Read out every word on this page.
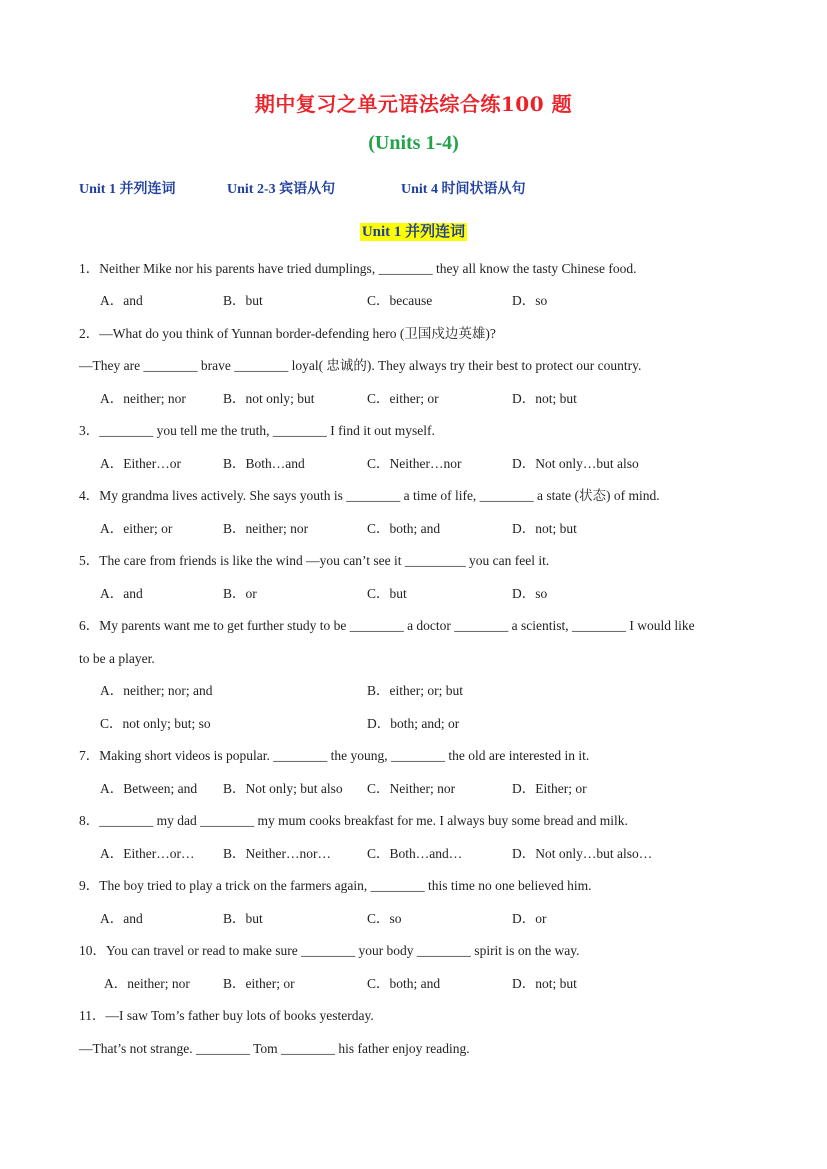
期中复习之单元语法综合练100 题
(Units 1-4)
Unit 1 并列连词	Unit 2-3 宾语从句	Unit 4 时间状语从句
Unit 1 并列连词
1．Neither Mike nor his parents have tried dumplings, ________ they all know the tasty Chinese food.
A．and	B．but	C．because	D．so
2．—What do you think of Yunnan border-defending hero (卫国戍边英雄)?
—They are ________ brave ________ loyal( 忠诚的). They always try their best to protect our country.
A．neither; nor	B．not only; but	C．either; or	D．not; but
3．________ you tell me the truth, ________ I find it out myself.
A．Either…or	B．Both…and	C．Neither…nor	D．Not only…but also
4．My grandma lives actively. She says youth is ________ a time of life, ________ a state (状态) of mind.
A．either; or	B．neither; nor	C．both; and	D．not; but
5．The care from friends is like the wind —you can’t see it _________ you can feel it.
A．and	B．or	C．but	D．so
6．My parents want me to get further study to be ________ a doctor ________ a scientist, ________ I would like
to be a player.
A．neither; nor; and	B．either; or; but
C．not only; but; so	D．both; and; or
7．Making short videos is popular. ________ the young, ________ the old are interested in it.
A．Between; and B．Not only; but also C．Neither; nor	D．Either; or
8．________ my dad ________ my mum cooks breakfast for me. I always buy some bread and milk.
A．Either…or… B．Neither…nor…	C．Both…and…	D．Not only…but also…
9．The boy tried to play a trick on the farmers again, ________ this time no one believed him.
A．and	B．but	C．so	D．or
10．You can travel or read to make sure ________ your body ________ spirit is on the way.
A．neither; nor B．either; or	C．both; and	D．not; but
11．—I saw Tom’s father buy lots of books yesterday.
—That’s not strange. ________ Tom ________ his father enjoy reading.
